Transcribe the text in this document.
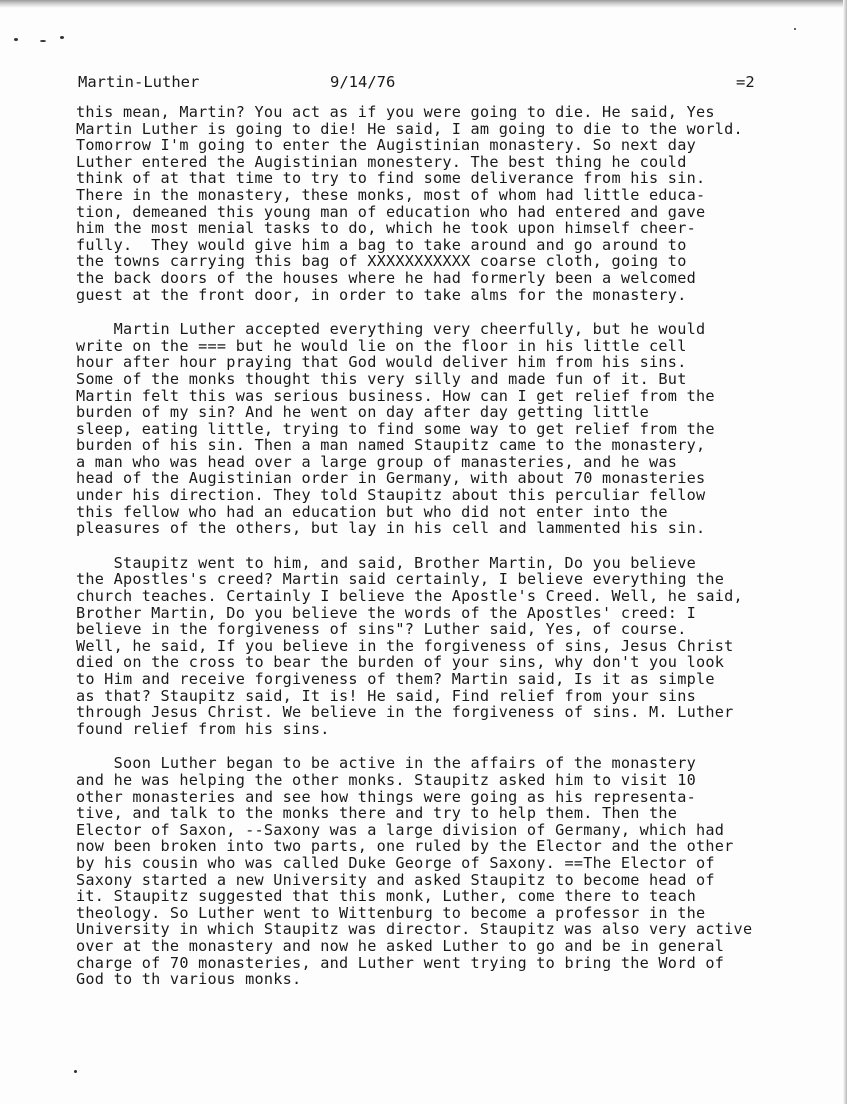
Martin-Luther	9/14/76	=2
this mean, Martin? You act as if you were going to die. He said, Yes
Martin Luther is going to die! He said, I am going to die to the world.
Tomorrow I'm going to enter the Augistinian monastery. So next day
Luther entered the Augistinian monestery. The best thing he could
think of at that time to try to find some deliverance from his sin.
There in the monastery, these monks, most of whom had little educa-
tion, demeaned this young man of education who had entered and gave
him the most menial tasks to do, which he took upon himself cheer-
fully.  They would give him a bag to take around and go around to
the towns carrying this bag of XXXXXXXXXXX coarse cloth, going to
the back doors of the houses where he had formerly been a welcomed
guest at the front door, in order to take alms for the monastery.
Martin Luther accepted everything very cheerfully, but he would
write on the === but he would lie on the floor in his little cell
hour after hour praying that God would deliver him from his sins.
Some of the monks thought this very silly and made fun of it. But
Martin felt this was serious business. How can I get relief from the
burden of my sin? And he went on day after day getting little
sleep, eating little, trying to find some way to get relief from the
burden of his sin. Then a man named Staupitz came to the monastery,
a man who was head over a large group of manasteries, and he was
head of the Augistinian order in Germany, with about 70 monasteries
under his direction. They told Staupitz about this perculiar fellow
this fellow who had an education but who did not enter into the
pleasures of the others, but lay in his cell and lammented his sin.
Staupitz went to him, and said, Brother Martin, Do you believe
the Apostles's creed? Martin said certainly, I believe everything the
church teaches. Certainly I believe the Apostle's Creed. Well, he said,
Brother Martin, Do you believe the words of the Apostles' creed: I
believe in the forgiveness of sins"? Luther said, Yes, of course.
Well, he said, If you believe in the forgiveness of sins, Jesus Christ
died on the cross to bear the burden of your sins, why don't you look
to Him and receive forgiveness of them? Martin said, Is it as simple
as that? Staupitz said, It is! He said, Find relief from your sins
through Jesus Christ. We believe in the forgiveness of sins. M. Luther
found relief from his sins.
Soon Luther began to be active in the affairs of the monastery
and he was helping the other monks. Staupitz asked him to visit 10
other monasteries and see how things were going as his representa-
tive, and talk to the monks there and try to help them. Then the
Elector of Saxon, --Saxony was a large division of Germany, which had
now been broken into two parts, one ruled by the Elector and the other
by his cousin who was called Duke George of Saxony. ==The Elector of
Saxony started a new University and asked Staupitz to become head of
it. Staupitz suggested that this monk, Luther, come there to teach
theology. So Luther went to Wittenburg to become a professor in the
University in which Staupitz was director. Staupitz was also very active
over at the monastery and now he asked Luther to go and be in general
charge of 70 monasteries, and Luther went trying to bring the Word of
God to th various monks.
